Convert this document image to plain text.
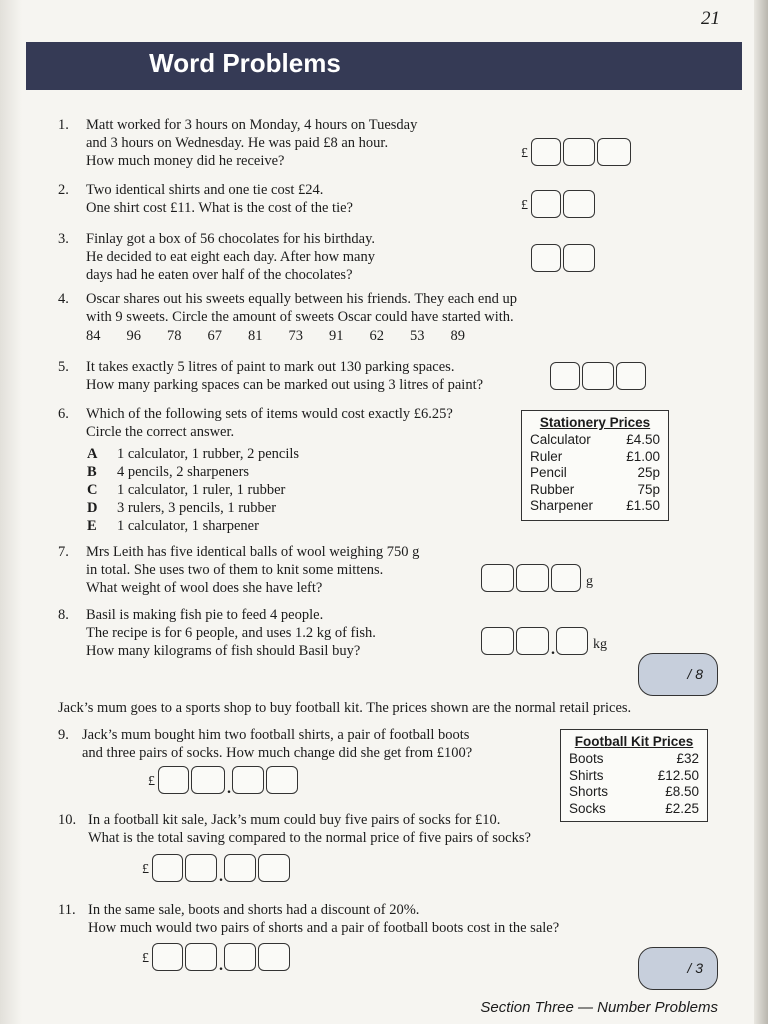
21
Word Problems
1. Matt worked for 3 hours on Monday, 4 hours on Tuesday
and 3 hours on Wednesday. He was paid £8 an hour.
How much money did he receive?	£
2. Two identical shirts and one tie cost £24.
One shirt cost £11. What is the cost of the tie?	£
3. Finlay got a box of 56 chocolates for his birthday.
He decided to eat eight each day. After how many
days had he eaten over half of the chocolates?
4. Oscar shares out his sweets equally between his friends. They each end up
with 9 sweets. Circle the amount of sweets Oscar could have started with.
84 96 78 67 81 73 91 62 53 89
5. It takes exactly 5 litres of paint to mark out 130 parking spaces.
How many parking spaces can be marked out using 3 litres of paint?
6. Which of the following sets of items would cost exactly £6.25?
Circle the correct answer.
A 1 calculator, 1 rubber, 2 pencils
B 4 pencils, 2 sharpeners
C 1 calculator, 1 ruler, 1 rubber
D 3 rulers, 3 pencils, 1 rubber
E 1 calculator, 1 sharpener
Stationery Prices
Calculator	£4.50
Ruler	£1.00
Pencil	25p
Rubber	75p
Sharpener £1.50
7. Mrs Leith has five identical balls of wool weighing 750 g
in total. She uses two of them to knit some mittens.
What weight of wool does she have left?	g
8. Basil is making fish pie to feed 4 people.
The recipe is for 6 people, and uses 1.2 kg of fish.
How many kilograms of fish should Basil buy?	.	kg
/ 8
Jack’s mum goes to a sports shop to buy football kit. The prices shown are the normal retail prices.
9. Jack’s mum bought him two football shirts, a pair of football boots
and three pairs of socks. How much change did she get from £100?
£	.
Football Kit Prices
Boots	£32
Shirts	£12.50
Shorts	£8.50
Socks	£2.25
10. In a football kit sale, Jack’s mum could buy five pairs of socks for £10.
What is the total saving compared to the normal price of five pairs of socks?
£	.
11. In the same sale, boots and shorts had a discount of 20%.
How much would two pairs of shorts and a pair of football boots cost in the sale?
£	.	/ 3
Section Three — Number Problems
